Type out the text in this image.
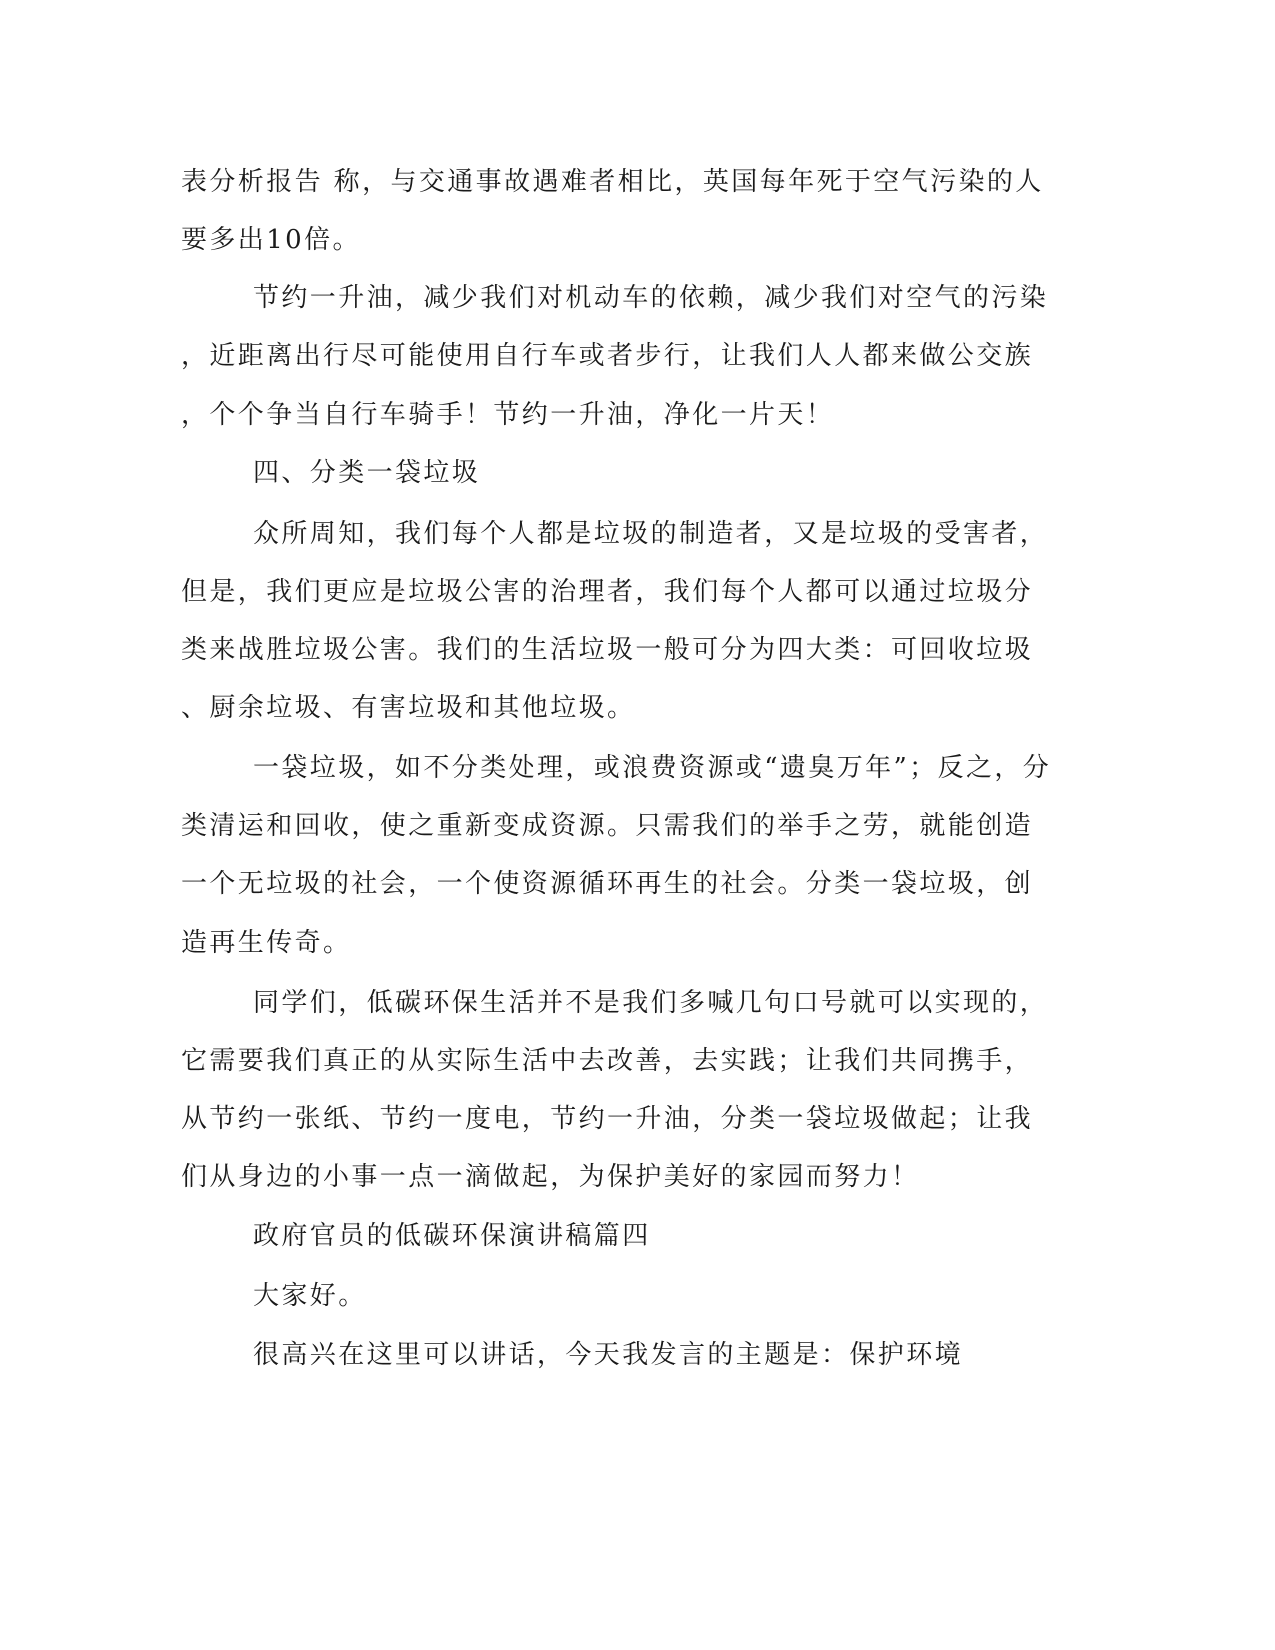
表分析报告 称，与交通事故遇难者相比，英国每年死于空气污染的人
要多出10倍。
节约一升油，减少我们对机动车的依赖，减少我们对空气的污染
，近距离出行尽可能使用自行车或者步行，让我们人人都来做公交族
，个个争当自行车骑手！节约一升油，净化一片天！
四、分类一袋垃圾
众所周知，我们每个人都是垃圾的制造者，又是垃圾的受害者，
但是，我们更应是垃圾公害的治理者，我们每个人都可以通过垃圾分
类来战胜垃圾公害。我们的生活垃圾一般可分为四大类：可回收垃圾
、厨余垃圾、有害垃圾和其他垃圾。
一袋垃圾，如不分类处理，或浪费资源或“遗臭万年”；反之，分
类清运和回收，使之重新变成资源。只需我们的举手之劳，就能创造
一个无垃圾的社会，一个使资源循环再生的社会。分类一袋垃圾，创
造再生传奇。
同学们，低碳环保生活并不是我们多喊几句口号就可以实现的，
它需要我们真正的从实际生活中去改善，去实践；让我们共同携手，
从节约一张纸、节约一度电，节约一升油，分类一袋垃圾做起；让我
们从身边的小事一点一滴做起，为保护美好的家园而努力！
政府官员的低碳环保演讲稿篇四
大家好。
很高兴在这里可以讲话，今天我发言的主题是：保护环境
